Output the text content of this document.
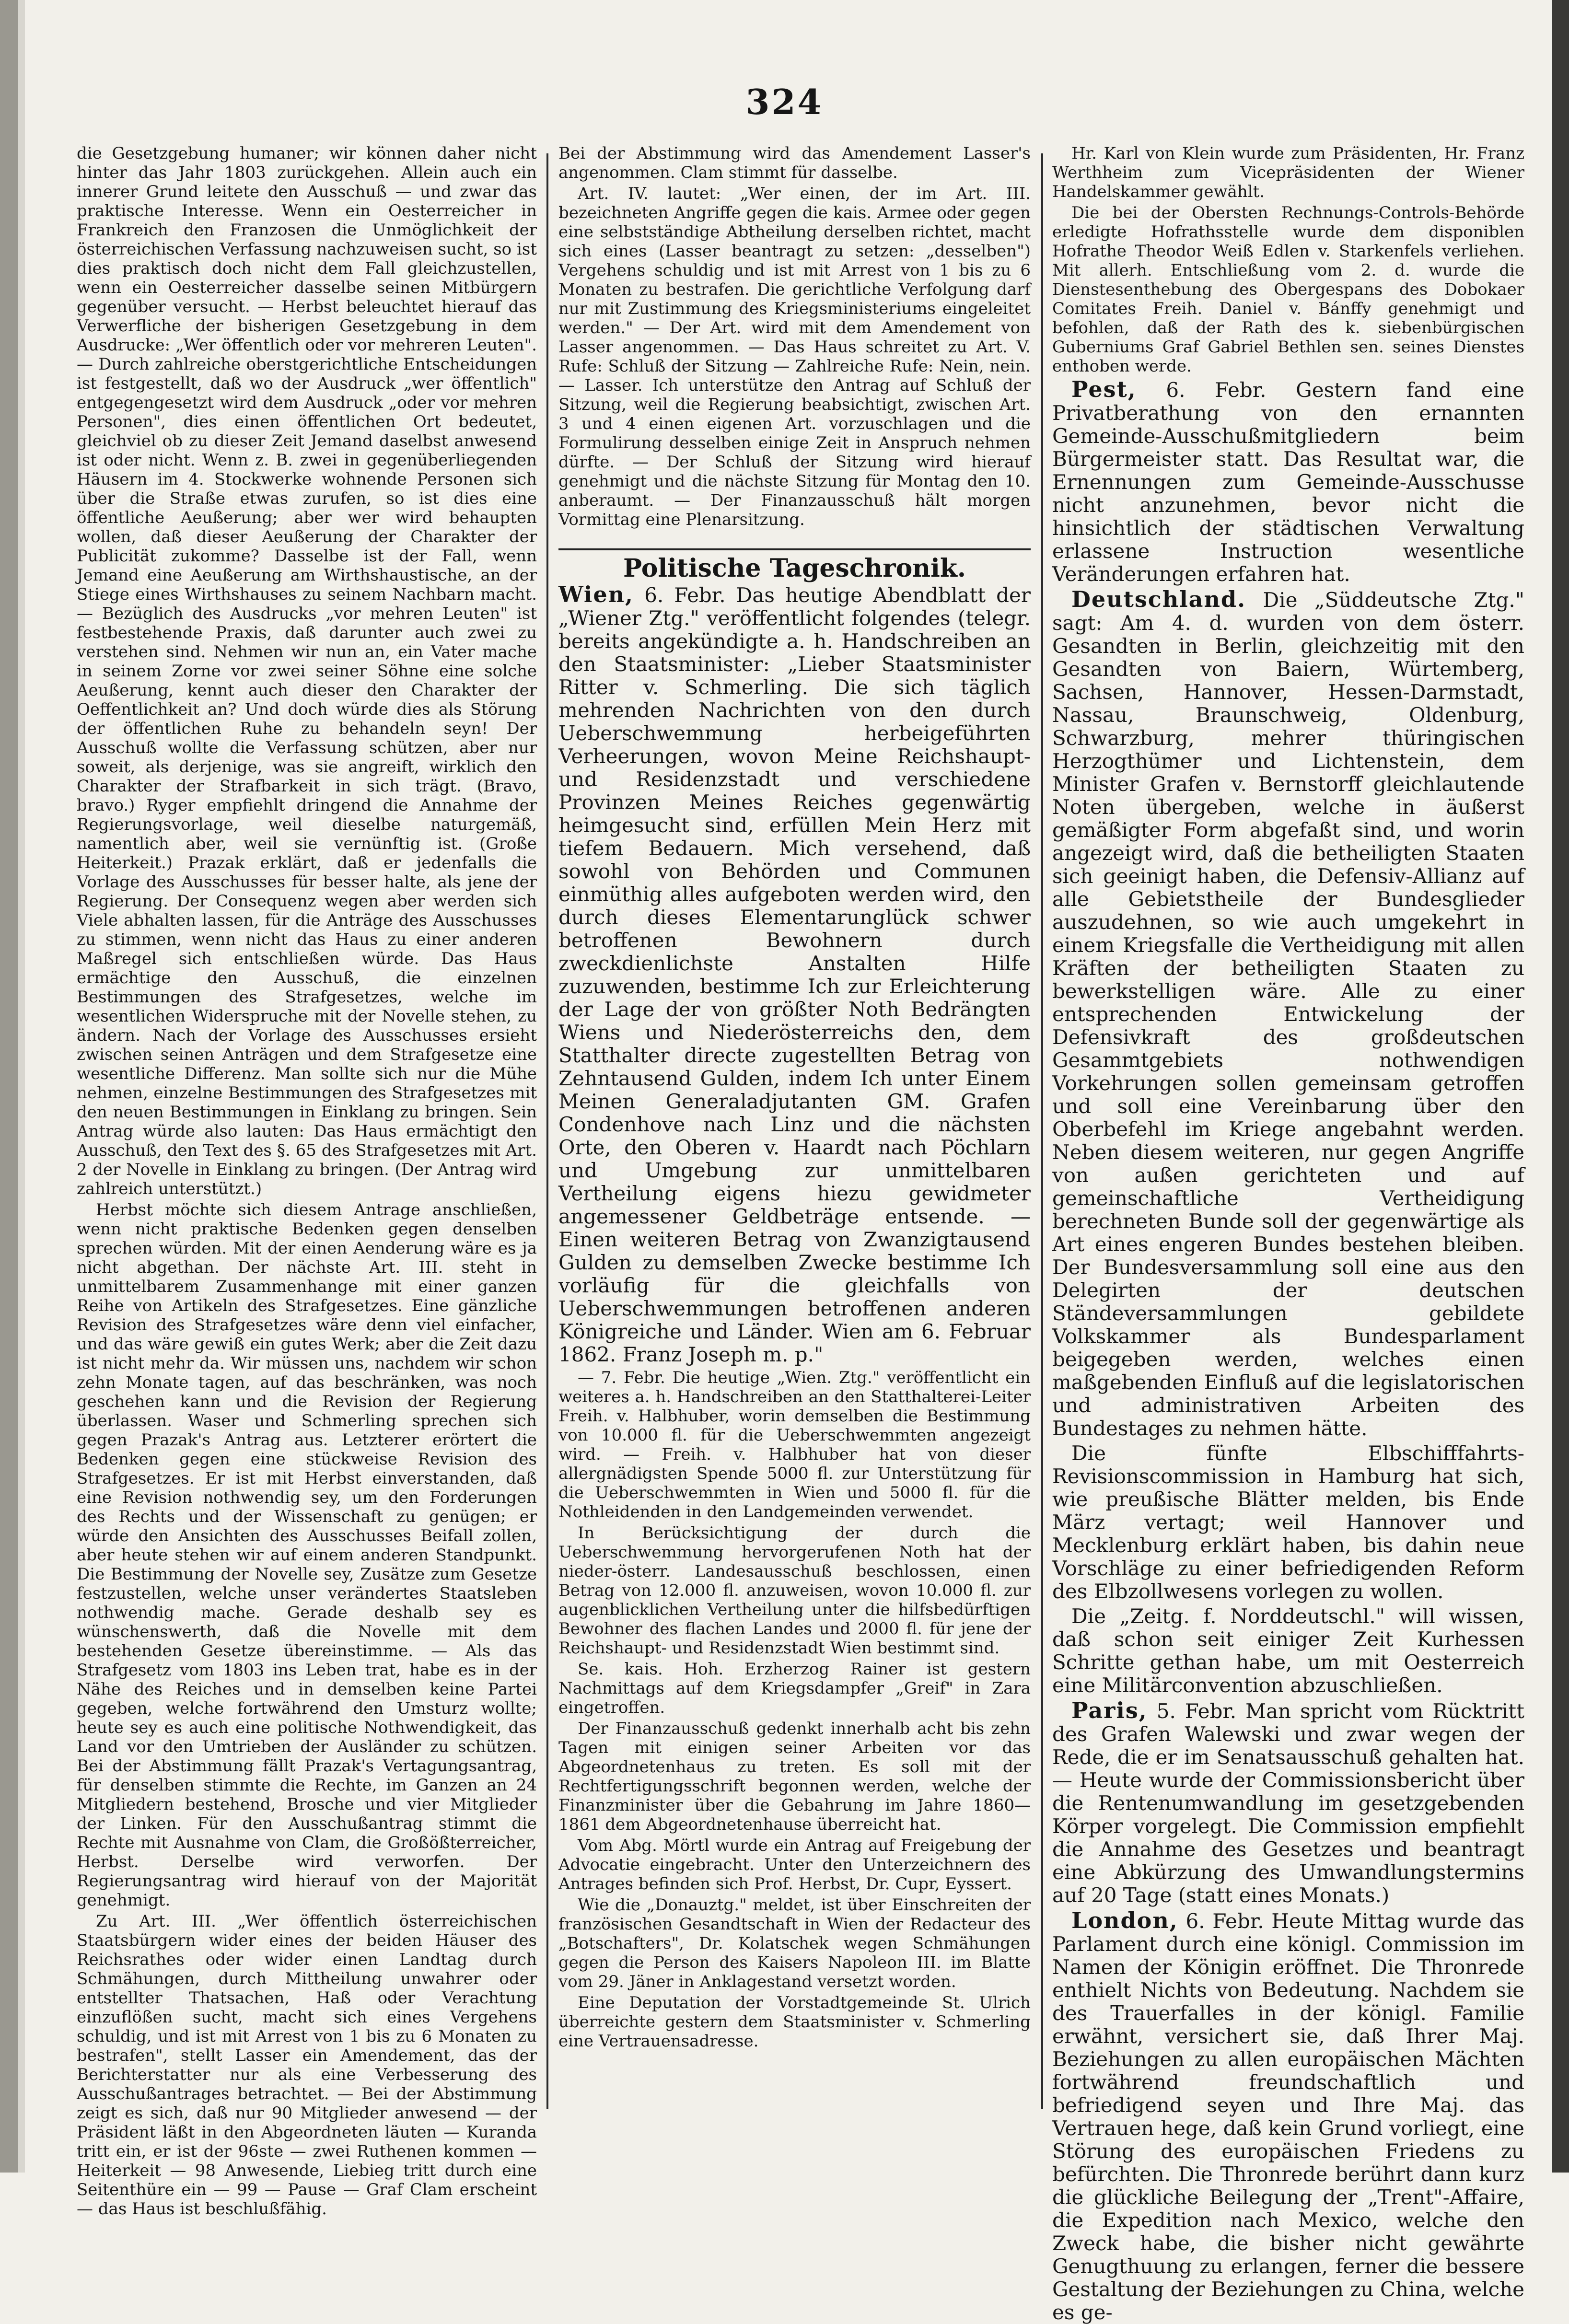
324

die Gesetzgebung humaner; wir können daher nicht hinter das Jahr 1803 zurückgehen. Allein auch ein innerer Grund leitete den Ausschuß — und zwar das praktische Interesse. Wenn ein Oesterreicher in Frankreich den Franzosen die Unmöglichkeit der österreichischen Verfassung nachzuweisen sucht, so ist dies praktisch doch nicht dem Fall gleichzustellen, wenn ein Oesterreicher dasselbe seinen Mitbürgern gegenüber versucht. — Herbst beleuchtet hierauf das Verwerfliche der bisherigen Gesetzgebung in dem Ausdrucke: „Wer öffentlich oder vor mehreren Leuten". — Durch zahlreiche oberstgerichtliche Entscheidungen ist festgestellt, daß wo der Ausdruck „wer öffentlich" entgegengesetzt wird dem Ausdruck „oder vor mehren Personen", dies einen öffentlichen Ort bedeutet, gleichviel ob zu dieser Zeit Jemand daselbst anwesend ist oder nicht. Wenn z. B. zwei in gegenüberliegenden Häusern im 4. Stockwerke wohnende Personen sich über die Straße etwas zurufen, so ist dies eine öffentliche Aeußerung; aber wer wird behaupten wollen, daß dieser Aeußerung der Charakter der Publicität zukomme? Dasselbe ist der Fall, wenn Jemand eine Aeußerung am Wirthshaustische, an der Stiege eines Wirthshauses zu seinem Nachbarn macht. — Bezüglich des Ausdrucks „vor mehren Leuten" ist festbestehende Praxis, daß darunter auch zwei zu verstehen sind. Nehmen wir nun an, ein Vater mache in seinem Zorne vor zwei seiner Söhne eine solche Aeußerung, kennt auch dieser den Charakter der Oeffentlichkeit an? Und doch würde dies als Störung der öffentlichen Ruhe zu behandeln seyn! Der Ausschuß wollte die Verfassung schützen, aber nur soweit, als derjenige, was sie angreift, wirklich den Charakter der Strafbarkeit in sich trägt. (Bravo, bravo.) Ryger empfiehlt dringend die Annahme der Regierungsvorlage, weil dieselbe naturgemäß, namentlich aber, weil sie vernünftig ist. (Große Heiterkeit.) Prazak erklärt, daß er jedenfalls die Vorlage des Ausschusses für besser halte, als jene der Regierung. Der Consequenz wegen aber werden sich Viele abhalten lassen, für die Anträge des Ausschusses zu stimmen, wenn nicht das Haus zu einer anderen Maßregel sich entschließen würde. Das Haus ermächtige den Ausschuß, die einzelnen Bestimmungen des Strafgesetzes, welche im wesentlichen Widerspruche mit der Novelle stehen, zu ändern. Nach der Vorlage des Ausschusses ersieht zwischen seinen Anträgen und dem Strafgesetze eine wesentliche Differenz. Man sollte sich nur die Mühe nehmen, einzelne Bestimmungen des Strafgesetzes mit den neuen Bestimmungen in Einklang zu bringen. Sein Antrag würde also lauten: Das Haus ermächtigt den Ausschuß, den Text des §. 65 des Strafgesetzes mit Art. 2 der Novelle in Einklang zu bringen. (Der Antrag wird zahlreich unterstützt.)

Herbst möchte sich diesem Antrage anschließen, wenn nicht praktische Bedenken gegen denselben sprechen würden. Mit der einen Aenderung wäre es ja nicht abgethan. Der nächste Art. III. steht in unmittelbarem Zusammenhange mit einer ganzen Reihe von Artikeln des Strafgesetzes. Eine gänzliche Revision des Strafgesetzes wäre denn viel einfacher, und das wäre gewiß ein gutes Werk; aber die Zeit dazu ist nicht mehr da. Wir müssen uns, nachdem wir schon zehn Monate tagen, auf das beschränken, was noch geschehen kann und die Revision der Regierung überlassen. Waser und Schmerling sprechen sich gegen Prazak's Antrag aus. Letzterer erörtert die Bedenken gegen eine stückweise Revision des Strafgesetzes. Er ist mit Herbst einverstanden, daß eine Revision nothwendig sey, um den Forderungen des Rechts und der Wissenschaft zu genügen; er würde den Ansichten des Ausschusses Beifall zollen, aber heute stehen wir auf einem anderen Standpunkt. Die Bestimmung der Novelle sey, Zusätze zum Gesetze festzustellen, welche unser verändertes Staatsleben nothwendig mache. Gerade deshalb sey es wünschenswerth, daß die Novelle mit dem bestehenden Gesetze übereinstimme. — Als das Strafgesetz vom 1803 ins Leben trat, habe es in der Nähe des Reiches und in demselben keine Partei gegeben, welche fortwährend den Umsturz wollte; heute sey es auch eine politische Nothwendigkeit, das Land vor den Umtrieben der Ausländer zu schützen. Bei der Abstimmung fällt Prazak's Vertagungsantrag, für denselben stimmte die Rechte, im Ganzen an 24 Mitgliedern bestehend, Brosche und vier Mitglieder der Linken. Für den Ausschußantrag stimmt die Rechte mit Ausnahme von Clam, die Großößterreicher, Herbst. Derselbe wird verworfen. Der Regierungsantrag wird hierauf von der Majorität genehmigt.

Zu Art. III. „Wer öffentlich österreichischen Staatsbürgern wider eines der beiden Häuser des Reichsrathes oder wider einen Landtag durch Schmähungen, durch Mittheilung unwahrer oder entstellter Thatsachen, Haß oder Verachtung einzuflößen sucht, macht sich eines Vergehens schuldig, und ist mit Arrest von 1 bis zu 6 Monaten zu bestrafen", stellt Lasser ein Amendement, das der Berichterstatter nur als eine Verbesserung des Ausschußantrages betrachtet. — Bei der Abstimmung zeigt es sich, daß nur 90 Mitglieder anwesend — der Präsident läßt in den Abgeordneten läuten — Kuranda tritt ein, er ist der 96ste — zwei Ruthenen kommen — Heiterkeit — 98 Anwesende, Liebieg tritt durch eine Seitenthüre ein — 99 — Pause — Graf Clam erscheint — das Haus ist beschlußfähig.

Bei der Abstimmung wird das Amendement Lasser's angenommen. Clam stimmt für dasselbe.

Art. IV. lautet: „Wer einen, der im Art. III. bezeichneten Angriffe gegen die kais. Armee oder gegen eine selbstständige Abtheilung derselben richtet, macht sich eines (Lasser beantragt zu setzen: „desselben") Vergehens schuldig und ist mit Arrest von 1 bis zu 6 Monaten zu bestrafen. Die gerichtliche Verfolgung darf nur mit Zustimmung des Kriegsministeriums eingeleitet werden." — Der Art. wird mit dem Amendement von Lasser angenommen. — Das Haus schreitet zu Art. V. Rufe: Schluß der Sitzung — Zahlreiche Rufe: Nein, nein. — Lasser. Ich unterstütze den Antrag auf Schluß der Sitzung, weil die Regierung beabsichtigt, zwischen Art. 3 und 4 einen eigenen Art. vorzuschlagen und die Formulirung desselben einige Zeit in Anspruch nehmen dürfte. — Der Schluß der Sitzung wird hierauf genehmigt und die nächste Sitzung für Montag den 10. anberaumt. — Der Finanzausschuß hält morgen Vormittag eine Plenarsitzung.

Politische Tageschronik.

Wien, 6. Febr. Das heutige Abendblatt der „Wiener Ztg." veröffentlicht folgendes (telegr. bereits angekündigte a. h. Handschreiben an den Staatsminister: „Lieber Staatsminister Ritter v. Schmerling. Die sich täglich mehrenden Nachrichten von den durch Ueberschwemmung herbeigeführten Verheerungen, wovon Meine Reichshaupt- und Residenzstadt und verschiedene Provinzen Meines Reiches gegenwärtig heimgesucht sind, erfüllen Mein Herz mit tiefem Bedauern. Mich versehend, daß sowohl von Behörden und Communen einmüthig alles aufgeboten werden wird, den durch dieses Elementarunglück schwer betroffenen Bewohnern durch zweckdienlichste Anstalten Hilfe zuzuwenden, bestimme Ich zur Erleichterung der Lage der von größter Noth Bedrängten Wiens und Niederösterreichs den, dem Statthalter directe zugestellten Betrag von Zehntausend Gulden, indem Ich unter Einem Meinen Generaladjutanten GM. Grafen Condenhove nach Linz und die nächsten Orte, den Oberen v. Haardt nach Pöchlarn und Umgebung zur unmittelbaren Vertheilung eigens hiezu gewidmeter angemessener Geldbeträge entsende. — Einen weiteren Betrag von Zwanzigtausend Gulden zu demselben Zwecke bestimme Ich vorläufig für die gleichfalls von Ueberschwemmungen betroffenen anderen Königreiche und Länder. Wien am 6. Februar 1862. Franz Joseph m. p."

— 7. Febr. Die heutige „Wien. Ztg." veröffentlicht ein weiteres a. h. Handschreiben an den Statthalterei-Leiter Freih. v. Halbhuber, worin demselben die Bestimmung von 10.000 fl. für die Ueberschwemmten angezeigt wird. — Freih. v. Halbhuber hat von dieser allergnädigsten Spende 5000 fl. zur Unterstützung für die Ueberschwemmten in Wien und 5000 fl. für die Nothleidenden in den Landgemeinden verwendet.

In Berücksichtigung der durch die Ueberschwemmung hervorgerufenen Noth hat der nieder-österr. Landesausschuß beschlossen, einen Betrag von 12.000 fl. anzuweisen, wovon 10.000 fl. zur augenblicklichen Vertheilung unter die hilfsbedürftigen Bewohner des flachen Landes und 2000 fl. für jene der Reichshaupt- und Residenzstadt Wien bestimmt sind.

Se. kais. Hoh. Erzherzog Rainer ist gestern Nachmittags auf dem Kriegsdampfer „Greif" in Zara eingetroffen.

Der Finanzausschuß gedenkt innerhalb acht bis zehn Tagen mit einigen seiner Arbeiten vor das Abgeordnetenhaus zu treten. Es soll mit der Rechtfertigungsschrift begonnen werden, welche der Finanzminister über die Gebahrung im Jahre 1860—1861 dem Abgeordnetenhause überreicht hat.

Vom Abg. Mörtl wurde ein Antrag auf Freigebung der Advocatie eingebracht. Unter den Unterzeichnern des Antrages befinden sich Prof. Herbst, Dr. Cupr, Eyssert.

Wie die „Donauztg." meldet, ist über Einschreiten der französischen Gesandtschaft in Wien der Redacteur des „Botschafters", Dr. Kolatschek wegen Schmähungen gegen die Person des Kaisers Napoleon III. im Blatte vom 29. Jäner in Anklagestand versetzt worden.

Eine Deputation der Vorstadtgemeinde St. Ulrich überreichte gestern dem Staatsminister v. Schmerling eine Vertrauensadresse.

Hr. Karl von Klein wurde zum Präsidenten, Hr. Franz Werthheim zum Vicepräsidenten der Wiener Handelskammer gewählt.

Die bei der Obersten Rechnungs-Controls-Behörde erledigte Hofrathsstelle wurde dem disponiblen Hofrathe Theodor Weiß Edlen v. Starkenfels verliehen. Mit allerh. Entschließung vom 2. d. wurde die Dienstesenthebung des Obergespans des Dobokaer Comitates Freih. Daniel v. Bánffy genehmigt und befohlen, daß der Rath des k. siebenbürgischen Guberniums Graf Gabriel Bethlen sen. seines Dienstes enthoben werde.

Pest, 6. Febr. Gestern fand eine Privatberathung von den ernannten Gemeinde-Ausschußmitgliedern beim Bürgermeister statt. Das Resultat war, die Ernennungen zum Gemeinde-Ausschusse nicht anzunehmen, bevor nicht die hinsichtlich der städtischen Verwaltung erlassene Instruction wesentliche Veränderungen erfahren hat.

Deutschland. Die „Süddeutsche Ztg." sagt: Am 4. d. wurden von dem österr. Gesandten in Berlin, gleichzeitig mit den Gesandten von Baiern, Würtemberg, Sachsen, Hannover, Hessen-Darmstadt, Nassau, Braunschweig, Oldenburg, Schwarzburg, mehrer thüringischen Herzogthümer und Lichtenstein, dem Minister Grafen v. Bernstorff gleichlautende Noten übergeben, welche in äußerst gemäßigter Form abgefaßt sind, und worin angezeigt wird, daß die betheiligten Staaten sich geeinigt haben, die Defensiv-Allianz auf alle Gebietstheile der Bundesglieder auszudehnen, so wie auch umgekehrt in einem Kriegsfalle die Vertheidigung mit allen Kräften der betheiligten Staaten zu bewerkstelligen wäre. Alle zu einer entsprechenden Entwickelung der Defensivkraft des großdeutschen Gesammtgebiets nothwendigen Vorkehrungen sollen gemeinsam getroffen und soll eine Vereinbarung über den Oberbefehl im Kriege angebahnt werden. Neben diesem weiteren, nur gegen Angriffe von außen gerichteten und auf gemeinschaftliche Vertheidigung berechneten Bunde soll der gegenwärtige als Art eines engeren Bundes bestehen bleiben. Der Bundesversammlung soll eine aus den Delegirten der deutschen Ständeversammlungen gebildete Volkskammer als Bundesparlament beigegeben werden, welches einen maßgebenden Einfluß auf die legislatorischen und administrativen Arbeiten des Bundestages zu nehmen hätte.

Die fünfte Elbschifffahrts-Revisionscommission in Hamburg hat sich, wie preußische Blätter melden, bis Ende März vertagt; weil Hannover und Mecklenburg erklärt haben, bis dahin neue Vorschläge zu einer befriedigenden Reform des Elbzollwesens vorlegen zu wollen.

Die „Zeitg. f. Norddeutschl." will wissen, daß schon seit einiger Zeit Kurhessen Schritte gethan habe, um mit Oesterreich eine Militärconvention abzuschließen.

Paris, 5. Febr. Man spricht vom Rücktritt des Grafen Walewski und zwar wegen der Rede, die er im Senatsausschuß gehalten hat. — Heute wurde der Commissionsbericht über die Rentenumwandlung im gesetzgebenden Körper vorgelegt. Die Commission empfiehlt die Annahme des Gesetzes und beantragt eine Abkürzung des Umwandlungstermins auf 20 Tage (statt eines Monats.)

London, 6. Febr. Heute Mittag wurde das Parlament durch eine königl. Commission im Namen der Königin eröffnet. Die Thronrede enthielt Nichts von Bedeutung. Nachdem sie des Trauerfalles in der königl. Familie erwähnt, versichert sie, daß Ihrer Maj. Beziehungen zu allen europäischen Mächten fortwährend freundschaftlich und befriedigend seyen und Ihre Maj. das Vertrauen hege, daß kein Grund vorliegt, eine Störung des europäischen Friedens zu befürchten. Die Thronrede berührt dann kurz die glückliche Beilegung der „Trent"-Affaire, die Expedition nach Mexico, welche den Zweck habe, die bisher nicht gewährte Genugthuung zu erlangen, ferner die bessere Gestaltung der Beziehungen zu China, welche es ge-
